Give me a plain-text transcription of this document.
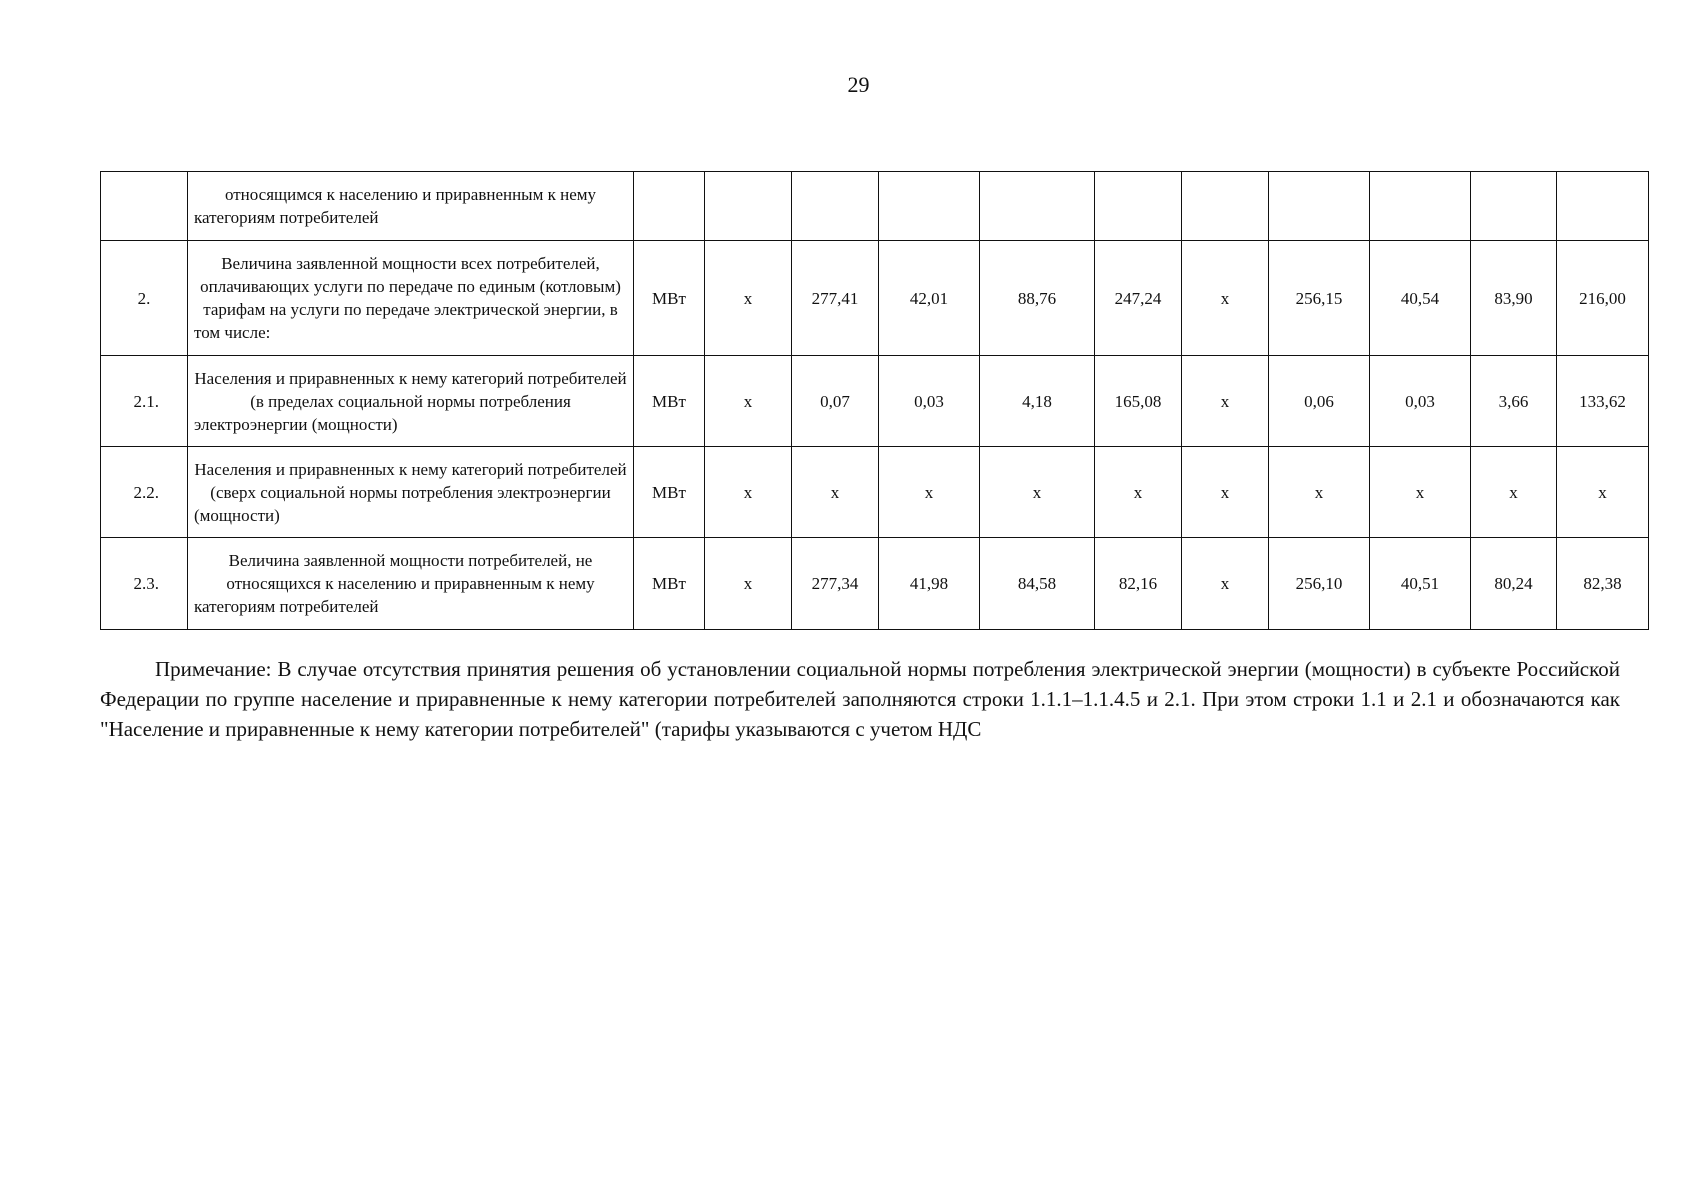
29
	относящимся к населению и приравненным к нему категориям потребителей											
2.	Величина заявленной мощности всех потребителей, оплачивающих услуги по передаче по единым (котловым) тарифам на услуги по передаче электрической энергии, в том числе:	МВт	х	277,41	42,01	88,76	247,24	х	256,15	40,54	83,90	216,00
2.1.	Населения и приравненных к нему категорий потребителей (в пределах социальной нормы потребления электроэнергии (мощности)	МВт	х	0,07	0,03	4,18	165,08	х	0,06	0,03	3,66	133,62
2.2.	Населения и приравненных к нему категорий потребителей (сверх социальной нормы потребления электроэнергии (мощности)	МВт	х	х	х	х	х	х	х	х	х	х
2.3.	Величина заявленной мощности потребителей, не относящихся к населению и приравненным к нему категориям потребителей	МВт	х	277,34	41,98	84,58	82,16	х	256,10	40,51	80,24	82,38

Примечание: В случае отсутствия принятия решения об установлении социальной нормы потребления электрической энергии (мощности) в субъекте Российской Федерации по группе население и приравненные к нему категории потребителей заполняются строки 1.1.1–1.1.4.5 и 2.1. При этом строки 1.1 и 2.1 и обозначаются как "Население и приравненные к нему категории потребителей" (тарифы указываются с учетом НДС
